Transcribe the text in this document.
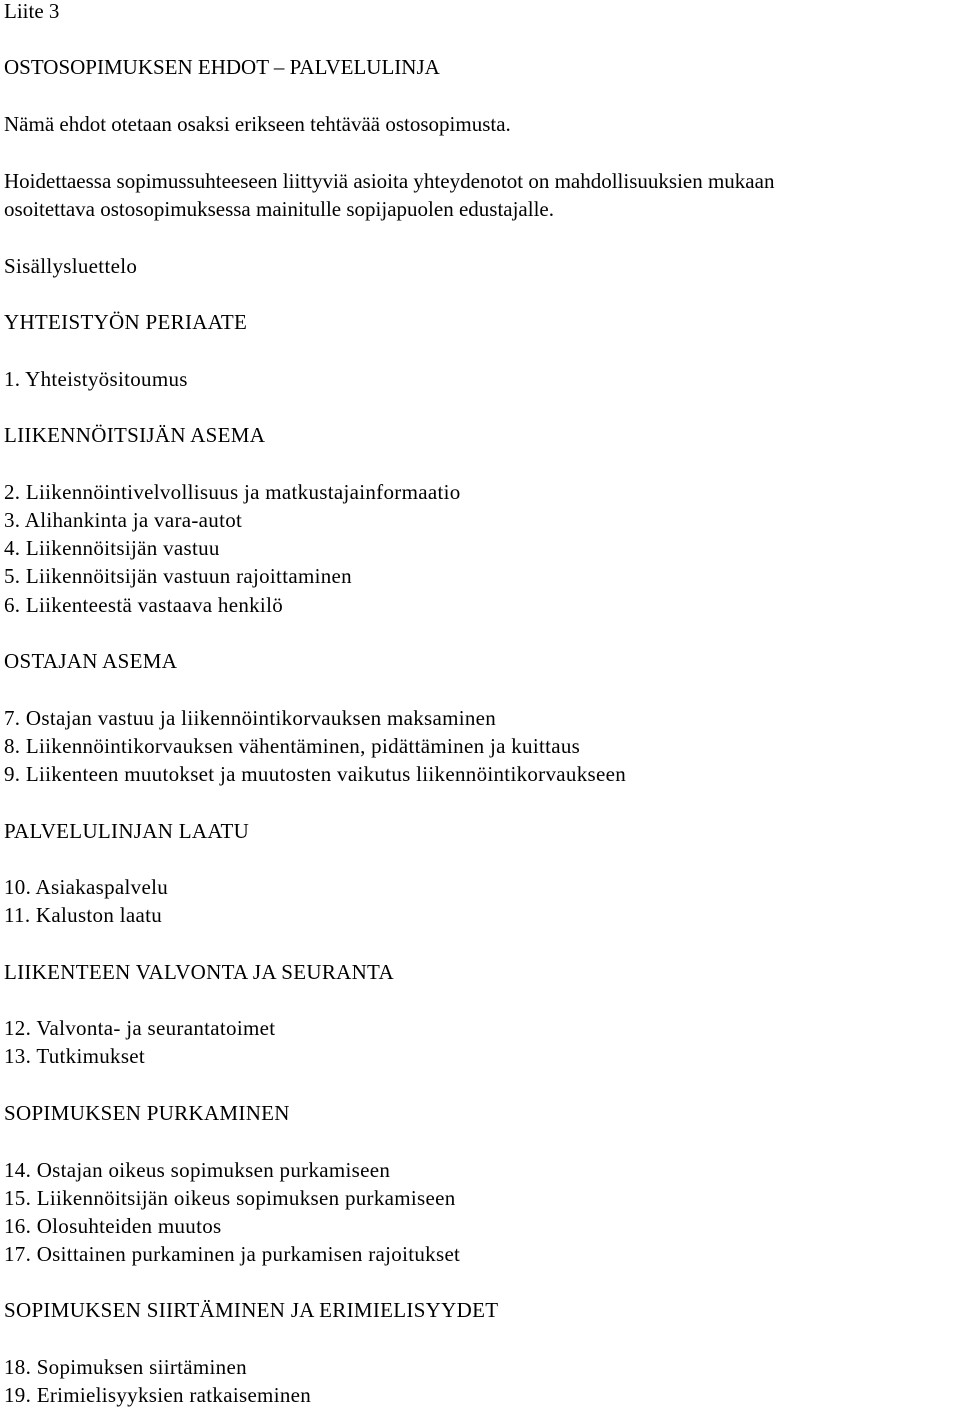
Liite 3

OSTOSOPIMUKSEN EHDOT – PALVELULINJA

Nämä ehdot otetaan osaksi erikseen tehtävää ostosopimusta.

Hoidettaessa sopimussuhteeseen liittyviä asioita yhteydenotot on mahdollisuuksien mukaan

osoitettava ostosopimuksessa mainitulle sopijapuolen edustajalle.

Sisällysluettelo

YHTEISTYÖN PERIAATE

1. Yhteistyösitoumus

LIIKENNÖITSIJÄN ASEMA

2. Liikennöintivelvollisuus ja matkustajainformaatio

3. Alihankinta ja vara-autot

4. Liikennöitsijän vastuu

5. Liikennöitsijän vastuun rajoittaminen

6. Liikenteestä vastaava henkilö

OSTAJAN ASEMA

7. Ostajan vastuu ja liikennöintikorvauksen maksaminen

8. Liikennöintikorvauksen vähentäminen, pidättäminen ja kuittaus

9. Liikenteen muutokset ja muutosten vaikutus liikennöintikorvaukseen

PALVELULINJAN LAATU

10. Asiakaspalvelu

11. Kaluston laatu

LIIKENTEEN VALVONTA JA SEURANTA

12. Valvonta- ja seurantatoimet

13. Tutkimukset

SOPIMUKSEN PURKAMINEN

14. Ostajan oikeus sopimuksen purkamiseen

15. Liikennöitsijän oikeus sopimuksen purkamiseen

16. Olosuhteiden muutos

17. Osittainen purkaminen ja purkamisen rajoitukset

SOPIMUKSEN SIIRTÄMINEN JA ERIMIELISYYDET

18. Sopimuksen siirtäminen

19. Erimielisyyksien ratkaiseminen
